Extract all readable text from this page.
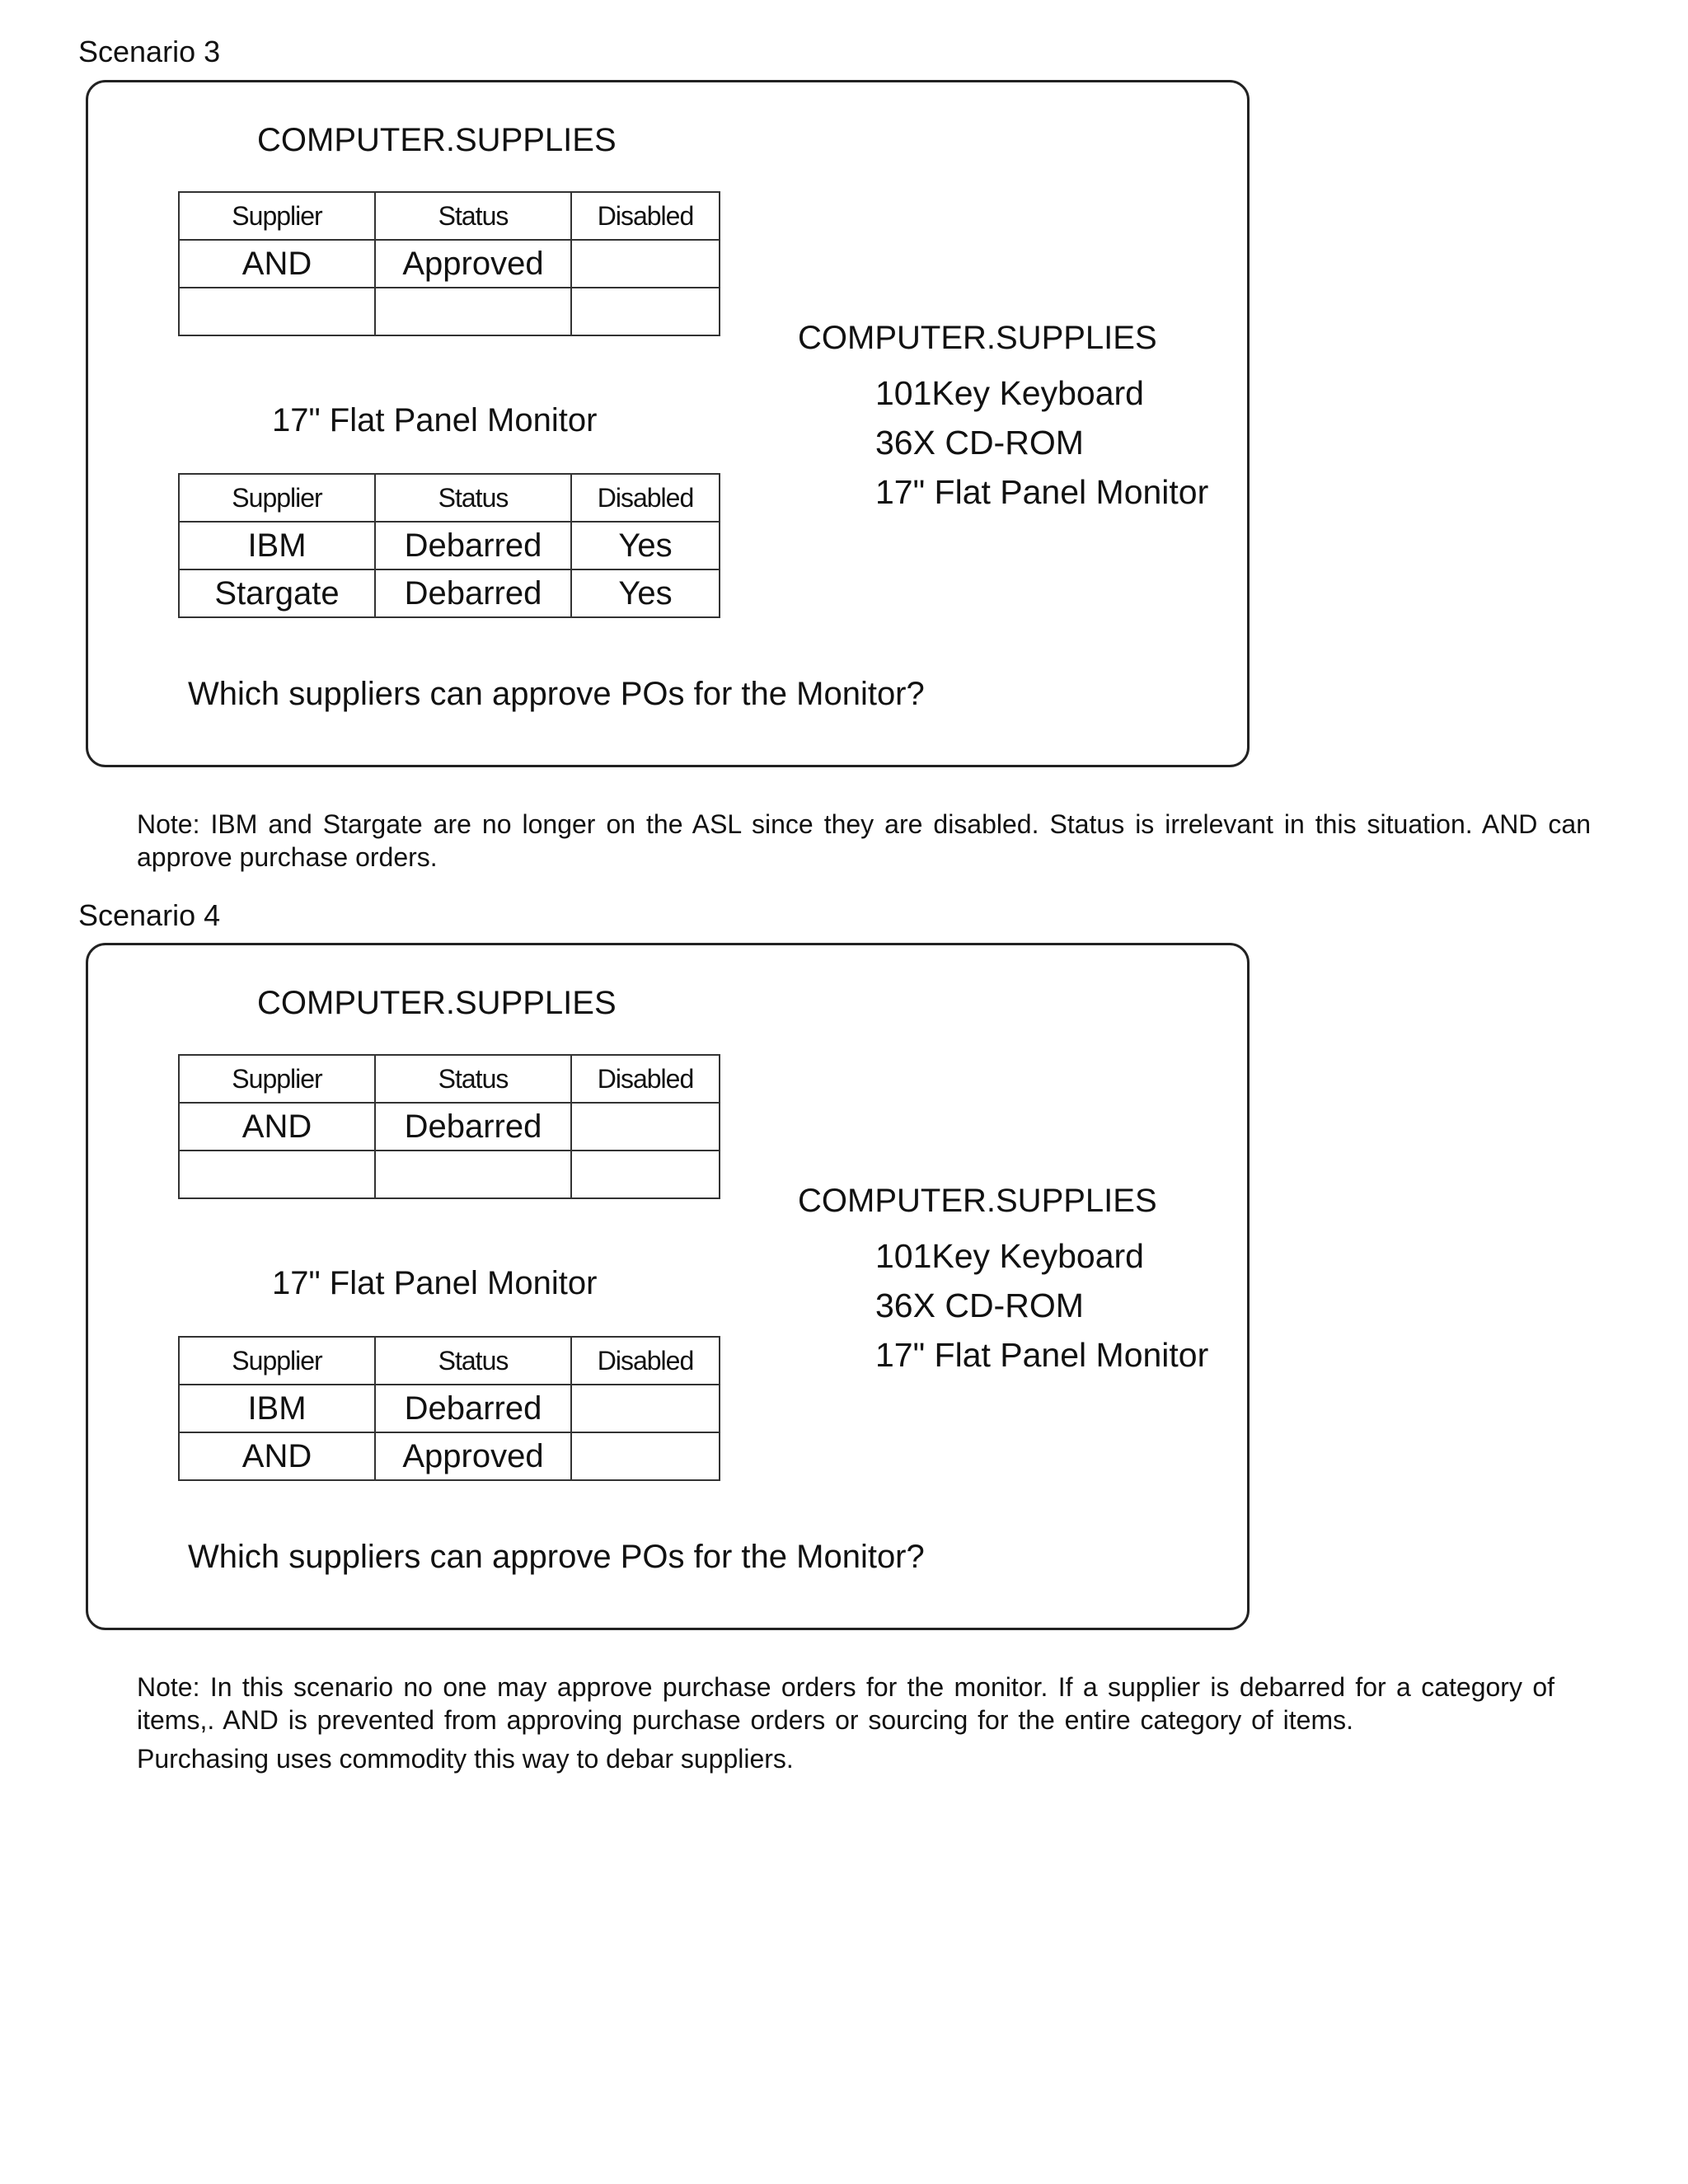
Scenario 3
COMPUTER.SUPPLIES
Supplier	Status	Disabled
AND	Approved	

17" Flat Panel Monitor
Supplier	Status	Disabled
IBM	Debarred	Yes
Stargate	Debarred	Yes
COMPUTER.SUPPLIES
101Key Keyboard
36X CD-ROM
17" Flat Panel Monitor
Which suppliers can approve POs for the Monitor?
Note: IBM and Stargate are no longer on the ASL since they are disabled. Status is irrelevant in this situation. AND can
approve purchase orders.
Scenario 4
COMPUTER.SUPPLIES
Supplier	Status	Disabled
AND	Debarred	

17" Flat Panel Monitor
Supplier	Status	Disabled
IBM	Debarred	
AND	Approved	
COMPUTER.SUPPLIES
101Key Keyboard
36X CD-ROM
17" Flat Panel Monitor
Which suppliers can approve POs for the Monitor?
Note: In this scenario no one may approve purchase orders for the monitor. If a supplier is debarred for a category of
items,. AND is prevented from approving purchase orders or sourcing for the entire category of items.
Purchasing uses commodity this way to debar suppliers.
